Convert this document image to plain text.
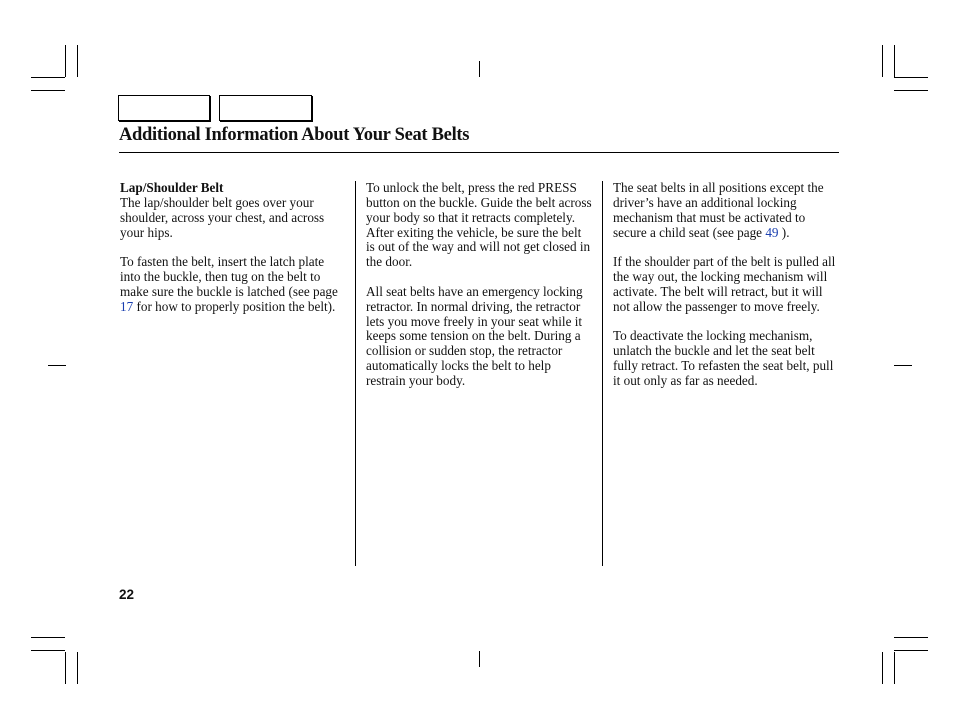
Additional Information About Your Seat Belts

Lap/Shoulder Belt
The lap/shoulder belt goes over your shoulder, across your chest, and across your hips.

To fasten the belt, insert the latch plate into the buckle, then tug on the belt to make sure the buckle is latched (see page 17 for how to properly position the belt).

To unlock the belt, press the red PRESS button on the buckle. Guide the belt across your body so that it retracts completely. After exiting the vehicle, be sure the belt is out of the way and will not get closed in the door.

All seat belts have an emergency locking retractor. In normal driving, the retractor lets you move freely in your seat while it keeps some tension on the belt. During a collision or sudden stop, the retractor automatically locks the belt to help restrain your body.

The seat belts in all positions except the driver’s have an additional locking mechanism that must be activated to secure a child seat (see page 49 ).

If the shoulder part of the belt is pulled all the way out, the locking mechanism will activate. The belt will retract, but it will not allow the passenger to move freely.

To deactivate the locking mechanism, unlatch the buckle and let the seat belt fully retract. To refasten the seat belt, pull it out only as far as needed.

22
